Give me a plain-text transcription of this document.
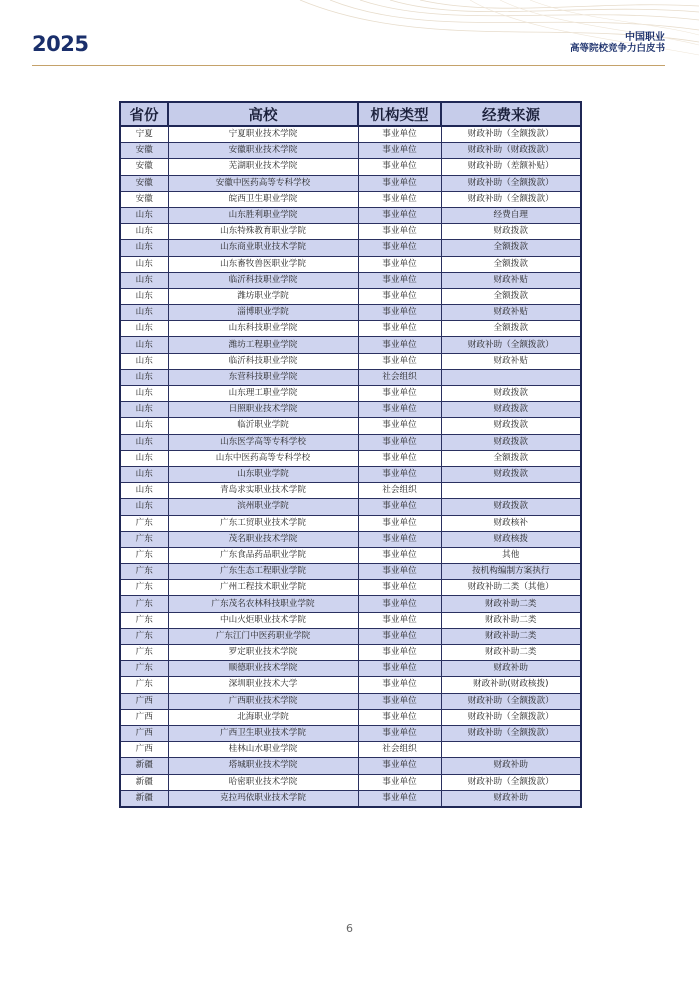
2025	中国职业
高等院校竞争力白皮书
省份	高校	机构类型	经费来源
宁夏	宁夏职业技术学院	事业单位	财政补助（全额拨款）
安徽	安徽职业技术学院	事业单位	财政补助（财政拨款）
安徽	芜湖职业技术学院	事业单位	财政补助（差额补贴）
安徽	安徽中医药高等专科学校	事业单位	财政补助（全额拨款）
安徽	皖西卫生职业学院	事业单位	财政补助（全额拨款）
山东	山东胜利职业学院	事业单位	经费自理
山东	山东特殊教育职业学院	事业单位	财政拨款
山东	山东商业职业技术学院	事业单位	全额拨款
山东	山东畜牧兽医职业学院	事业单位	全额拨款
山东	临沂科技职业学院	事业单位	财政补贴
山东	潍坊职业学院	事业单位	全额拨款
山东	淄博职业学院	事业单位	财政补贴
山东	山东科技职业学院	事业单位	全额拨款
山东	潍坊工程职业学院	事业单位	财政补助（全额拨款）
山东	临沂科技职业学院	事业单位	财政补贴
山东	东营科技职业学院	社会组织	
山东	山东理工职业学院	事业单位	财政拨款
山东	日照职业技术学院	事业单位	财政拨款
山东	临沂职业学院	事业单位	财政拨款
山东	山东医学高等专科学校	事业单位	财政拨款
山东	山东中医药高等专科学校	事业单位	全额拨款
山东	山东职业学院	事业单位	财政拨款
山东	青岛求实职业技术学院	社会组织	
山东	滨州职业学院	事业单位	财政拨款
广东	广东工贸职业技术学院	事业单位	财政核补
广东	茂名职业技术学院	事业单位	财政核拨
广东	广东食品药品职业学院	事业单位	其他
广东	广东生态工程职业学院	事业单位	按机构编制方案执行
广东	广州工程技术职业学院	事业单位	财政补助二类（其他）
广东	广东茂名农林科技职业学院	事业单位	财政补助二类
广东	中山火炬职业技术学院	事业单位	财政补助二类
广东	广东江门中医药职业学院	事业单位	财政补助二类
广东	罗定职业技术学院	事业单位	财政补助二类
广东	顺德职业技术学院	事业单位	财政补助
广东	深圳职业技术大学	事业单位	财政补助(财政核拨)
广西	广西职业技术学院	事业单位	财政补助（全额拨款）
广西	北海职业学院	事业单位	财政补助（全额拨款）
广西	广西卫生职业技术学院	事业单位	财政补助（全额拨款）
广西	桂林山水职业学院	社会组织	
新疆	塔城职业技术学院	事业单位	财政补助
新疆	哈密职业技术学院	事业单位	财政补助（全额拨款）
新疆	克拉玛依职业技术学院	事业单位	财政补助
6
